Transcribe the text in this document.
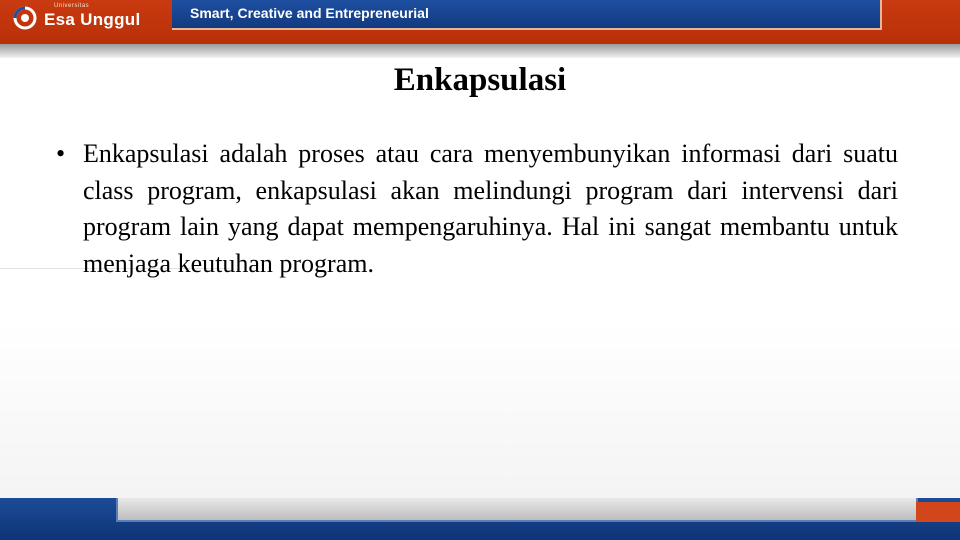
Universitas
Esa Unggul	Smart, Creative and Entrepreneurial
Enkapsulasi
• Enkapsulasi adalah proses atau cara menyembunyikan informasi dari suatu class program, enkapsulasi akan melindungi program dari intervensi dari program lain yang dapat mempengaruhinya. Hal ini sangat membantu untuk menjaga keutuhan program.
